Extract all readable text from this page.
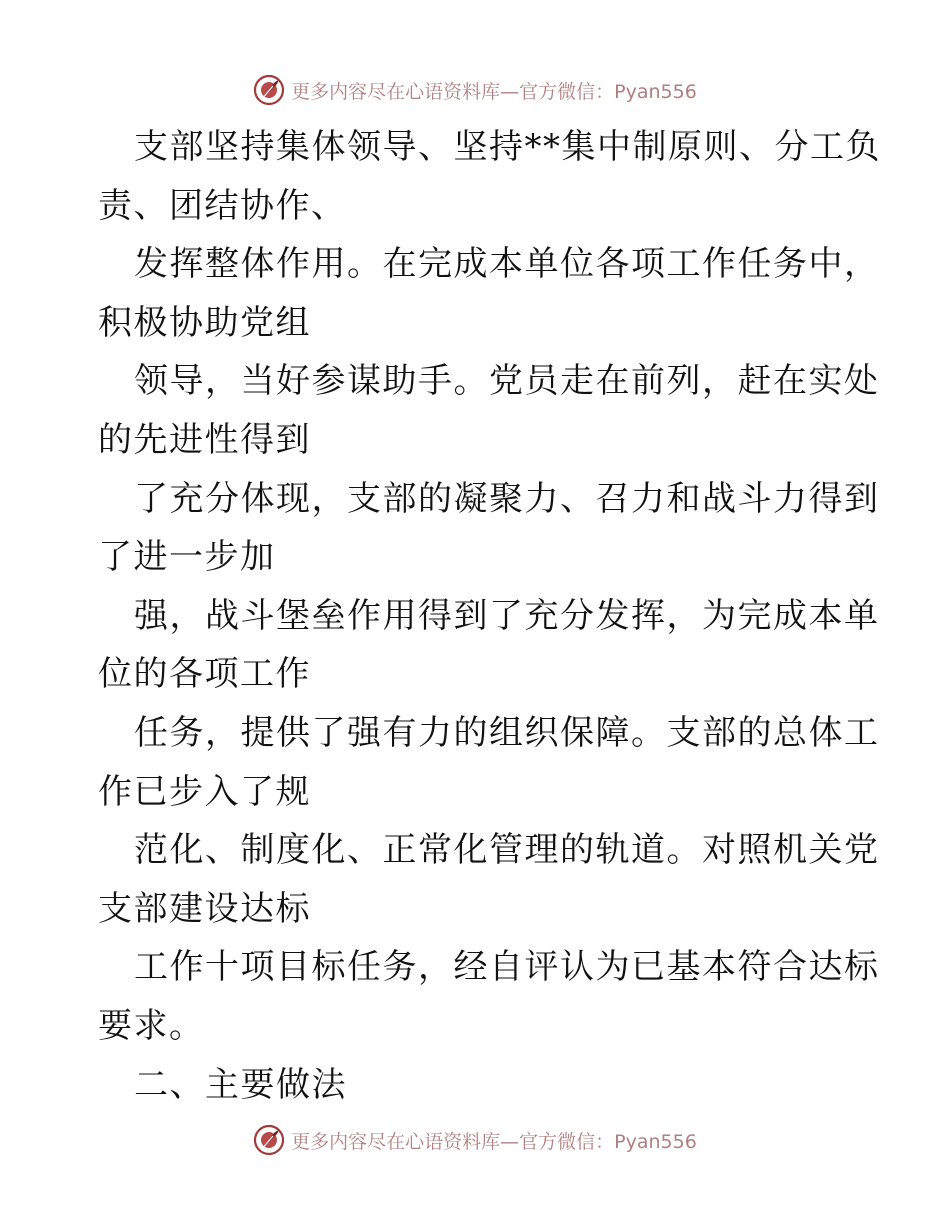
更多内容尽在心语资料库—官方微信：Pyan556
支部坚持集体领导、坚持**集中制原则、分工负
责、团结协作、
发挥整体作用。在完成本单位各项工作任务中，
积极协助党组
领导，当好参谋助手。党员走在前列，赶在实处
的先进性得到
了充分体现，支部的凝聚力、召力和战斗力得到
了进一步加
强，战斗堡垒作用得到了充分发挥，为完成本单
位的各项工作
任务，提供了强有力的组织保障。支部的总体工
作已步入了规
范化、制度化、正常化管理的轨道。对照机关党
支部建设达标
工作十项目标任务，经自评认为已基本符合达标
要求。
二、主要做法
更多内容尽在心语资料库—官方微信：Pyan556
